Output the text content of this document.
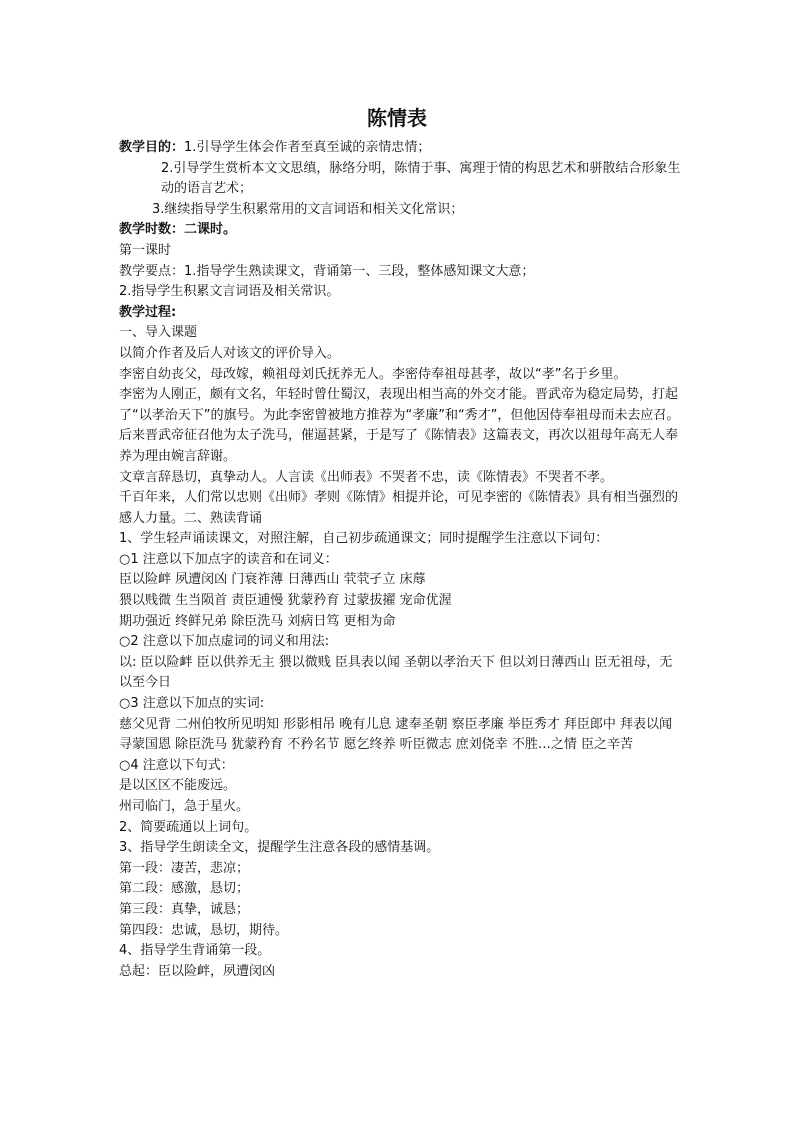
陈情表

教学目的：1.引导学生体会作者至真至诚的亲情忠情；

2.引导学生赏析本文文思缜，脉络分明，陈情于事、寓理于情的构思艺术和骈散结合形象生动的语言艺术；

3.继续指导学生积累常用的文言词语和相关文化常识；

教学时数：二课时。

第一课时

教学要点：1.指导学生熟读课文，背诵第一、三段，整体感知课文大意；

2.指导学生积累文言词语及相关常识。

教学过程:

一、导入课题

以简介作者及后人对该文的评价导入。

李密自幼丧父，母改嫁，赖祖母刘氏抚养无人。李密侍奉祖母甚孝，故以“孝”名于乡里。

李密为人刚正，颇有文名，年轻时曾仕蜀汉，表现出相当高的外交才能。晋武帝为稳定局势，打起了“以孝治天下”的旗号。为此李密曾被地方推荐为“孝廉”和“秀才”，但他因侍奉祖母而未去应召。后来晋武帝征召他为太子洗马，催逼甚紧，于是写了《陈情表》这篇表文，再次以祖母年高无人奉养为理由婉言辞谢。

文章言辞恳切，真挚动人。人言读《出师表》不哭者不忠，读《陈情表》不哭者不孝。

千百年来，人们常以忠则《出师》孝则《陈情》相提并论，可见李密的《陈情表》具有相当强烈的感人力量。二、熟读背诵

1、学生轻声诵读课文，对照注解，自己初步疏通课文；同时提醒学生注意以下词句：

○1 注意以下加点字的读音和在词义：

臣以险衅 夙遭闵凶 门衰祚薄 日薄西山 茕茕孑立 床蓐

猥以贱微 生当陨首 责臣逋慢 犹蒙矜育 过蒙拔擢 宠命优渥

期功强近 终鲜兄弟 除臣洗马 刘病日笃 更相为命

○2 注意以下加点虚词的词义和用法:

以: 臣以险衅 臣以供养无主 猥以微贱 臣具表以闻 圣朝以孝治天下 但以刘日薄西山 臣无祖母，无以至今日

○3 注意以下加点的实词:

慈父见背 二州伯牧所见明知 形影相吊 晚有儿息 逮奉圣朝 察臣孝廉 举臣秀才 拜臣郎中 拜表以闻 寻蒙国恩 除臣洗马 犹蒙矜育 不矜名节 愿乞终养 听臣微志 庶刘侥幸 不胜…之情 臣之辛苦

○4 注意以下句式：

是以区区不能废远。

州司临门，急于星火。

2、简要疏通以上词句。

3、指导学生朗读全文，提醒学生注意各段的感情基调。

第一段：凄苦，悲凉；

第二段：感激，恳切；

第三段：真挚，诚恳；

第四段：忠诚，恳切，期待。

4、指导学生背诵第一段。

总起：臣以险衅，夙遭闵凶
